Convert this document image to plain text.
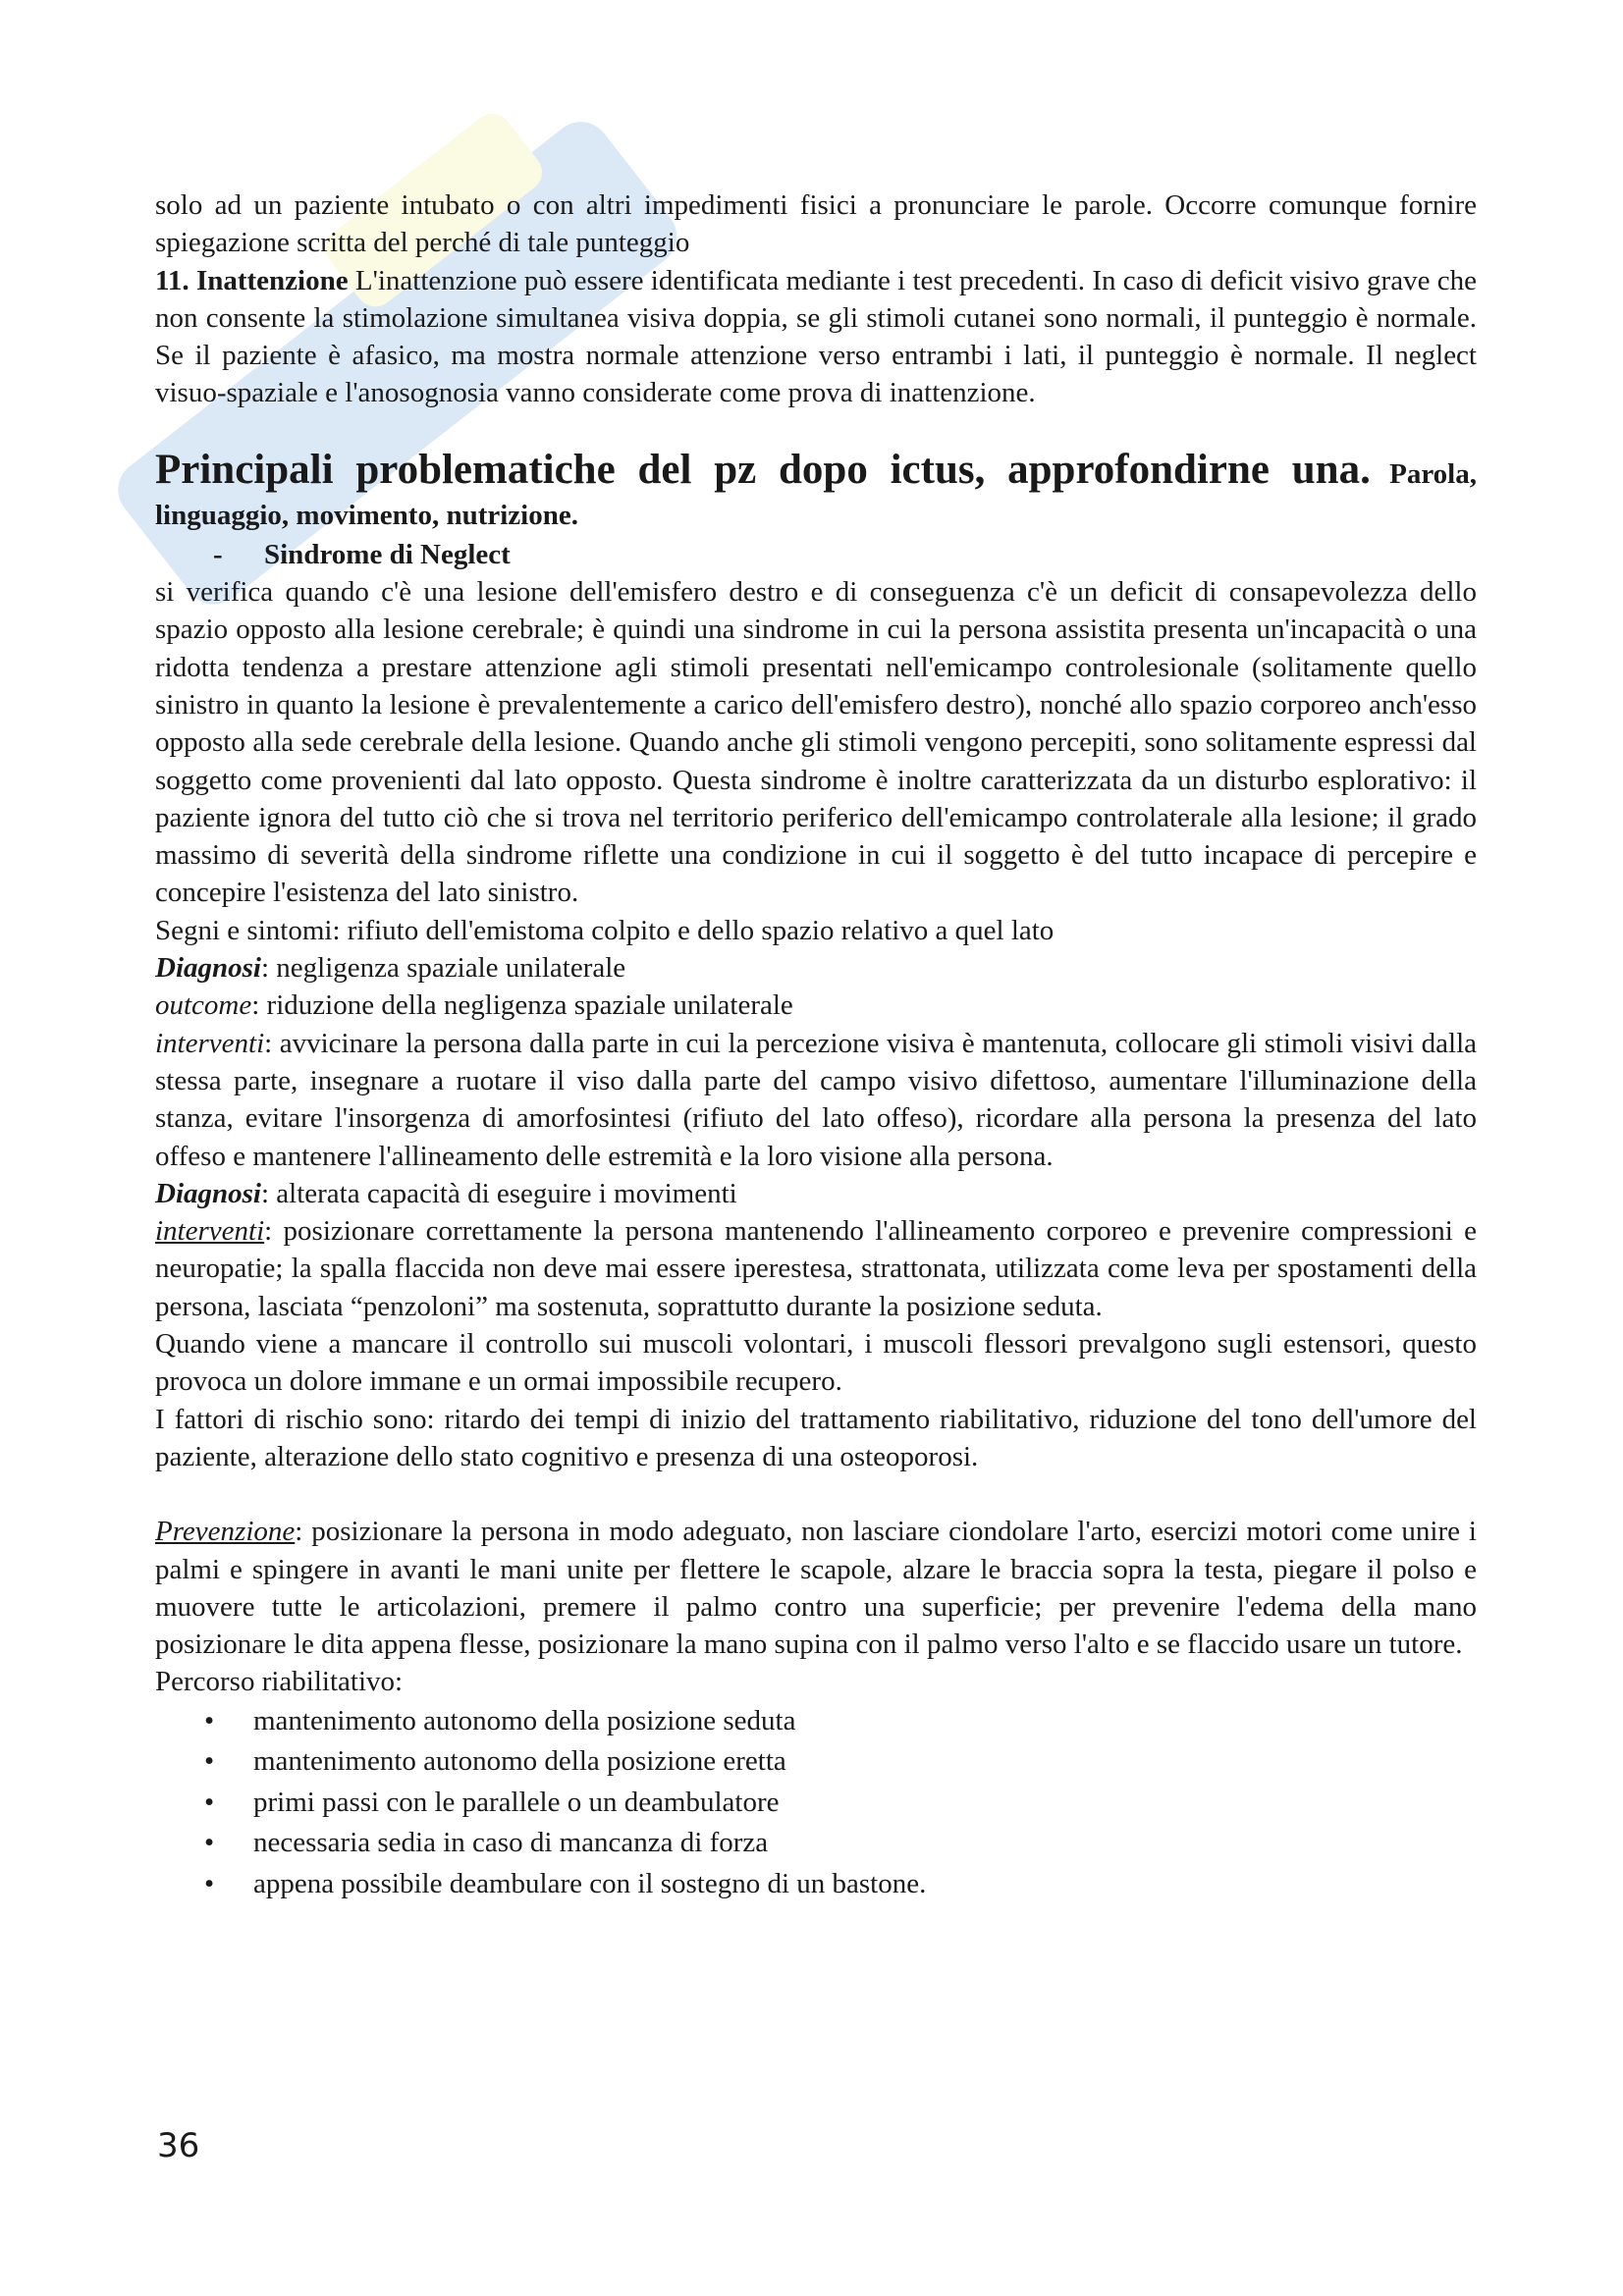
solo ad un paziente intubato o con altri impedimenti fisici a pronunciare le parole. Occorre comunque fornire spiegazione scritta del perché di tale punteggio

11. Inattenzione L'inattenzione può essere identificata mediante i test precedenti. In caso di deficit visivo grave che non consente la stimolazione simultanea visiva doppia, se gli stimoli cutanei sono normali, il punteggio è normale. Se il paziente è afasico, ma mostra normale attenzione verso entrambi i lati, il punteggio è normale. Il neglect visuo-spaziale e l'anosognosia vanno considerate come prova di inattenzione.

Principali problematiche del pz dopo ictus, approfondirne una. Parola, linguaggio, movimento, nutrizione.

- Sindrome di Neglect

si verifica quando c'è una lesione dell'emisfero destro e di conseguenza c'è un deficit di consapevolezza dello spazio opposto alla lesione cerebrale; è quindi una sindrome in cui la persona assistita presenta un'incapacità o una ridotta tendenza a prestare attenzione agli stimoli presentati nell'emicampo controlesionale (solitamente quello sinistro in quanto la lesione è prevalentemente a carico dell'emisfero destro), nonché allo spazio corporeo anch'esso opposto alla sede cerebrale della lesione. Quando anche gli stimoli vengono percepiti, sono solitamente espressi dal soggetto come provenienti dal lato opposto. Questa sindrome è inoltre caratterizzata da un disturbo esplorativo: il paziente ignora del tutto ciò che si trova nel territorio periferico dell'emicampo controlaterale alla lesione; il grado massimo di severità della sindrome riflette una condizione in cui il soggetto è del tutto incapace di percepire e concepire l'esistenza del lato sinistro.

Segni e sintomi: rifiuto dell'emistoma colpito e dello spazio relativo a quel lato

Diagnosi: negligenza spaziale unilaterale

outcome: riduzione della negligenza spaziale unilaterale

interventi: avvicinare la persona dalla parte in cui la percezione visiva è mantenuta, collocare gli stimoli visivi dalla stessa parte, insegnare a ruotare il viso dalla parte del campo visivo difettoso, aumentare l'illuminazione della stanza, evitare l'insorgenza di amorfosintesi (rifiuto del lato offeso), ricordare alla persona la presenza del lato offeso e mantenere l'allineamento delle estremità e la loro visione alla persona.

Diagnosi: alterata capacità di eseguire i movimenti

interventi: posizionare correttamente la persona mantenendo l'allineamento corporeo e prevenire compressioni e neuropatie; la spalla flaccida non deve mai essere iperestesa, strattonata, utilizzata come leva per spostamenti della persona, lasciata “penzoloni” ma sostenuta, soprattutto durante la posizione seduta.

Quando viene a mancare il controllo sui muscoli volontari, i muscoli flessori prevalgono sugli estensori, questo provoca un dolore immane e un ormai impossibile recupero.

I fattori di rischio sono: ritardo dei tempi di inizio del trattamento riabilitativo, riduzione del tono dell'umore del paziente, alterazione dello stato cognitivo e presenza di una osteoporosi.

Prevenzione: posizionare la persona in modo adeguato, non lasciare ciondolare l'arto, esercizi motori come unire i palmi e spingere in avanti le mani unite per flettere le scapole, alzare le braccia sopra la testa, piegare il polso e muovere tutte le articolazioni, premere il palmo contro una superficie; per prevenire l'edema della mano posizionare le dita appena flesse, posizionare la mano supina con il palmo verso l'alto e se flaccido usare un tutore.

Percorso riabilitativo:

• mantenimento autonomo della posizione seduta
• mantenimento autonomo della posizione eretta
• primi passi con le parallele o un deambulatore
• necessaria sedia in caso di mancanza di forza
• appena possibile deambulare con il sostegno di un bastone.
36
